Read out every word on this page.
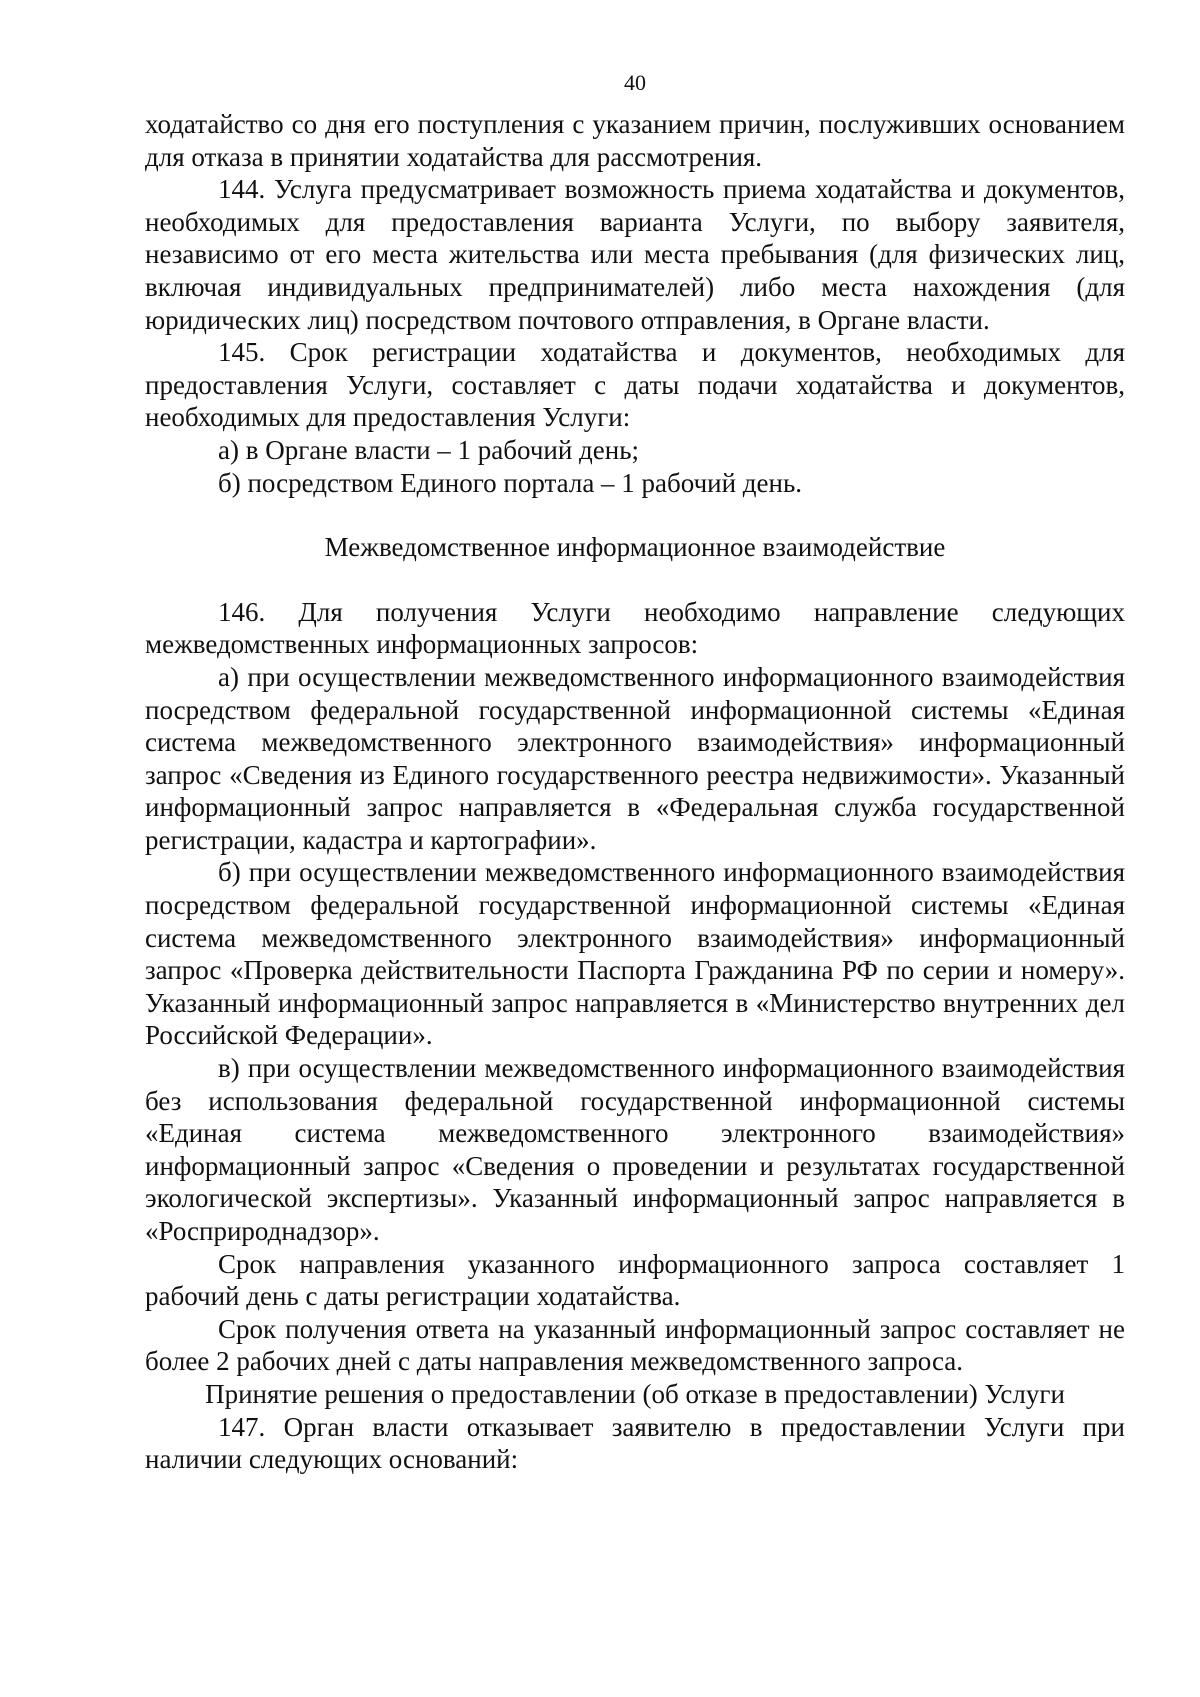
40

ходатайство со дня его поступления с указанием причин, послуживших основанием для отказа в принятии ходатайства для рассмотрения.

144. Услуга предусматривает возможность приема ходатайства и документов, необходимых для предоставления варианта Услуги, по выбору заявителя, независимо от его места жительства или места пребывания (для физических лиц, включая индивидуальных предпринимателей) либо места нахождения (для юридических лиц) посредством почтового отправления, в Органе власти.

145. Срок регистрации ходатайства и документов, необходимых для предоставления Услуги, составляет с даты подачи ходатайства и документов, необходимых для предоставления Услуги:

а) в Органе власти – 1 рабочий день;

б) посредством Единого портала – 1 рабочий день.

Межведомственное информационное взаимодействие

146. Для получения Услуги необходимо направление следующих межведомственных информационных запросов:

а) при осуществлении межведомственного информационного взаимодействия посредством федеральной государственной информационной системы «Единая система межведомственного электронного взаимодействия» информационный запрос «Сведения из Единого государственного реестра недвижимости». Указанный информационный запрос направляется в «Федеральная служба государственной регистрации, кадастра и картографии».

б) при осуществлении межведомственного информационного взаимодействия посредством федеральной государственной информационной системы «Единая система межведомственного электронного взаимодействия» информационный запрос «Проверка действительности Паспорта Гражданина РФ по серии и номеру». Указанный информационный запрос направляется в «Министерство внутренних дел Российской Федерации».

в) при осуществлении межведомственного информационного взаимодействия без использования федеральной государственной информационной системы «Единая система межведомственного электронного взаимодействия» информационный запрос «Сведения о проведении и результатах государственной экологической экспертизы». Указанный информационный запрос направляется в «Росприроднадзор».

Срок направления указанного информационного запроса составляет 1 рабочий день с даты регистрации ходатайства.

Срок получения ответа на указанный информационный запрос составляет не более 2 рабочих дней с даты направления межведомственного запроса.

Принятие решения о предоставлении (об отказе в предоставлении) Услуги

147. Орган власти отказывает заявителю в предоставлении Услуги при наличии следующих оснований:
